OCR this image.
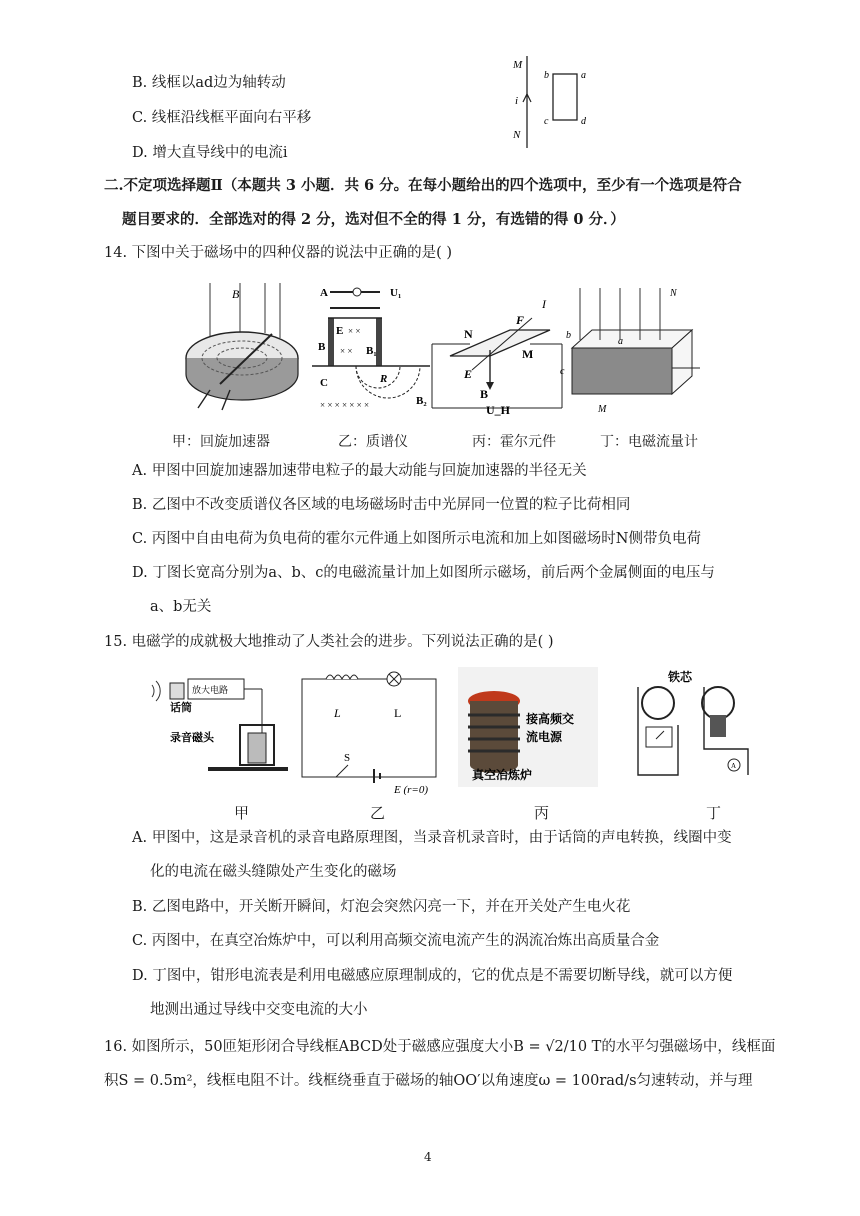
B. 线框以ad边为轴转动
C. 线框沿线框平面向右平移
D. 增大直导线中的电流i
M
N
i
b	a
c	d
二.不定项选择题Ⅱ（本题共 3 小题．共 6 分。在每小题给出的四个选项中，至少有一个选项是符合
题目要求的．全部选对的得 2 分，选对但不全的得 1 分，有选错的得 0 分．）
14. 下图中关于磁场中的四种仪器的说法中正确的是( )
B	A	U₁
E × ×
× × B₁
B
C	R
× × × × × × ×	B₂
N
F
I
M
E
B
U_H
N
b
a
c
M
甲：回旋加速器	乙：质谱仪	丙：霍尔元件	丁：电磁流量计
A. 甲图中回旋加速器加速带电粒子的最大动能与回旋加速器的半径无关
B. 乙图中不改变质谱仪各区域的电场磁场时击中光屏同一位置的粒子比荷相同
C. 丙图中自由电荷为负电荷的霍尔元件通上如图所示电流和加上如图磁场时N侧带负电荷
D. 丁图长宽高分别为a、b、c的电磁流量计加上如图所示磁场，前后两个金属侧面的电压与
a、b无关
15. 电磁学的成就极大地推动了人类社会的进步。下列说法正确的是( )
放大电路
话筒
录音磁头
L	L
S
E (r=0)
接高频交
流电源
真空冶炼炉
A
铁芯
甲	乙	丙	丁
A. 甲图中，这是录音机的录音电路原理图，当录音机录音时，由于话筒的声电转换，线圈中变
化的电流在磁头缝隙处产生变化的磁场
B. 乙图电路中，开关断开瞬间，灯泡会突然闪亮一下，并在开关处产生电火花
C. 丙图中，在真空冶炼炉中，可以利用高频交流电流产生的涡流冶炼出高质量合金
D. 丁图中，钳形电流表是利用电磁感应原理制成的，它的优点是不需要切断导线，就可以方便
地测出通过导线中交变电流的大小
16. 如图所示，50匝矩形闭合导线框ABCD处于磁感应强度大小B = √2/10 T的水平匀强磁场中，线框面
积S = 0.5m²，线框电阻不计。线框绕垂直于磁场的轴OO′以角速度ω = 100rad/s匀速转动，并与理
4
